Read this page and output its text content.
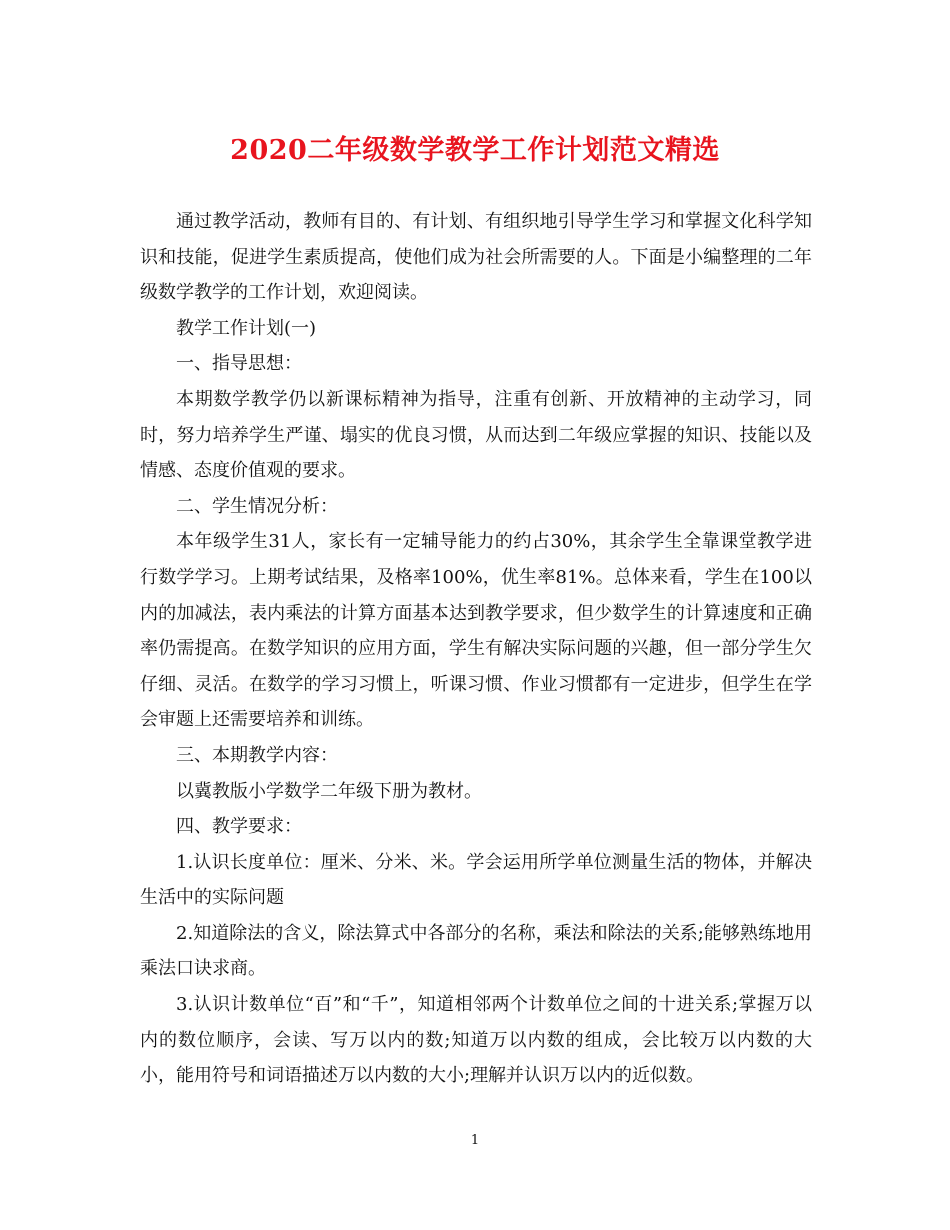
2020二年级数学教学工作计划范文精选

通过教学活动，教师有目的、有计划、有组织地引导学生学习和掌握文化科学知识和技能，促进学生素质提高，使他们成为社会所需要的人。下面是小编整理的二年级数学教学的工作计划，欢迎阅读。

教学工作计划(一)

一、指导思想：

本期数学教学仍以新课标精神为指导，注重有创新、开放精神的主动学习，同时，努力培养学生严谨、塌实的优良习惯，从而达到二年级应掌握的知识、技能以及情感、态度价值观的要求。

二、学生情况分析：

本年级学生31人，家长有一定辅导能力的约占30%，其余学生全靠课堂教学进行数学学习。上期考试结果，及格率100%，优生率81%。总体来看，学生在100以内的加减法，表内乘法的计算方面基本达到教学要求，但少数学生的计算速度和正确率仍需提高。在数学知识的应用方面，学生有解决实际问题的兴趣，但一部分学生欠仔细、灵活。在数学的学习习惯上，听课习惯、作业习惯都有一定进步，但学生在学会审题上还需要培养和训练。

三、本期教学内容：

以冀教版小学数学二年级下册为教材。

四、教学要求：

1.认识长度单位：厘米、分米、米。学会运用所学单位测量生活的物体，并解决生活中的实际问题

2.知道除法的含义，除法算式中各部分的名称，乘法和除法的关系;能够熟练地用乘法口诀求商。

3.认识计数单位“百”和“千”，知道相邻两个计数单位之间的十进关系;掌握万以内的数位顺序，会读、写万以内的数;知道万以内数的组成，会比较万以内数的大小，能用符号和词语描述万以内数的大小;理解并认识万以内的近似数。

1
